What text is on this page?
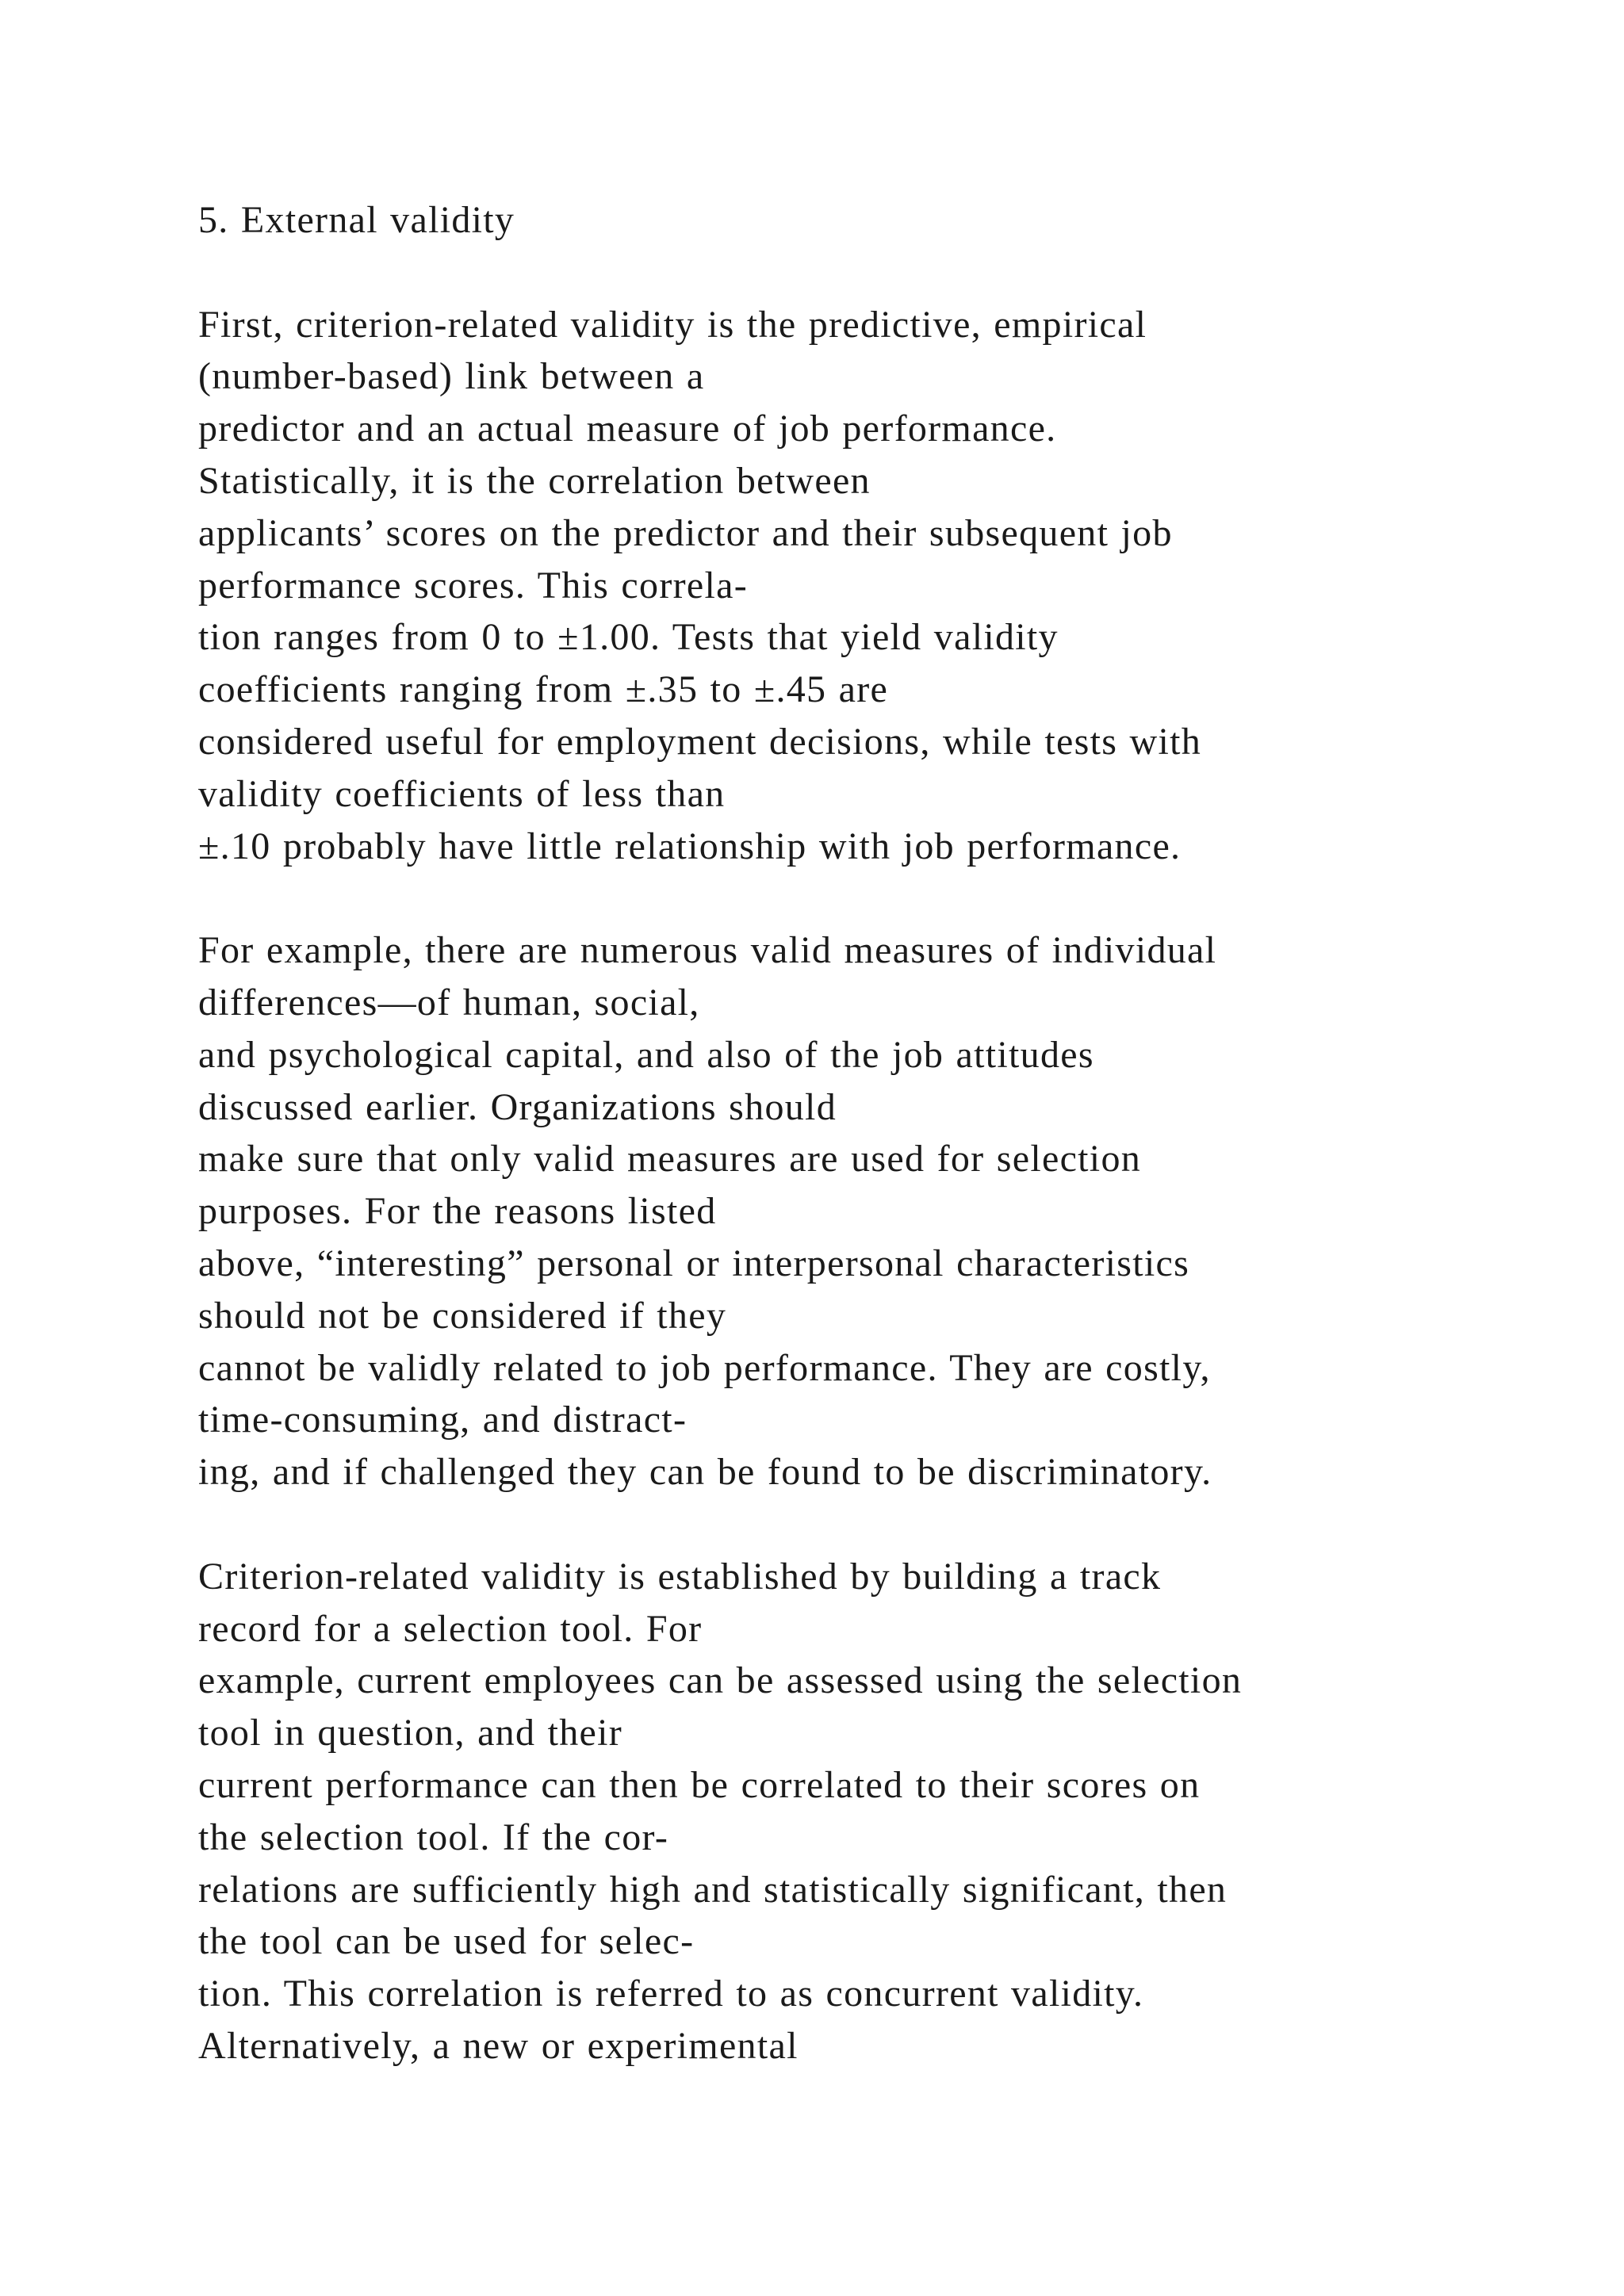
5. External validity
First, criterion-related validity is the predictive, empirical
(number-based) link between a
predictor and an actual measure of job performance.
Statistically, it is the correlation between
applicants’ scores on the predictor and their subsequent job
performance scores. This correla-
tion ranges from 0 to ±1.00. Tests that yield validity
coefficients ranging from ±.35 to ±.45 are
considered useful for employment decisions, while tests with
validity coefficients of less than
±.10 probably have little relationship with job performance.
For example, there are numerous valid measures of individual
differences—of human, social,
and psychological capital, and also of the job attitudes
discussed earlier. Organizations should
make sure that only valid measures are used for selection
purposes. For the reasons listed
above, “interesting” personal or interpersonal characteristics
should not be considered if they
cannot be validly related to job performance. They are costly,
time-consuming, and distract-
ing, and if challenged they can be found to be discriminatory.
Criterion-related validity is established by building a track
record for a selection tool. For
example, current employees can be assessed using the selection
tool in question, and their
current performance can then be correlated to their scores on
the selection tool. If the cor-
relations are sufficiently high and statistically significant, then
the tool can be used for selec-
tion. This correlation is referred to as concurrent validity.
Alternatively, a new or experimental
